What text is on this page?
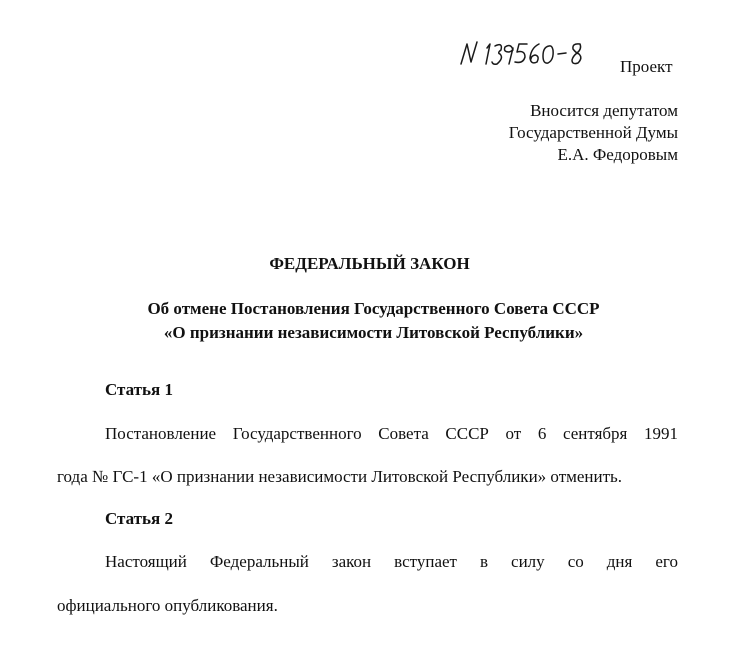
Проект
Вносится депутатом
Государственной Думы
Е.А. Федоровым
ФЕДЕРАЛЬНЫЙ ЗАКОН
Об отмене Постановления Государственного Совета СССР
«О признании независимости Литовской Республики»
Статья 1
Постановление Государственного Совета СССР от 6 сентября 1991
года № ГС-1 «О признании независимости Литовской Республики» отменить.
Статья 2
Настоящий Федеральный закон вступает в силу со дня его
официального опубликования.
